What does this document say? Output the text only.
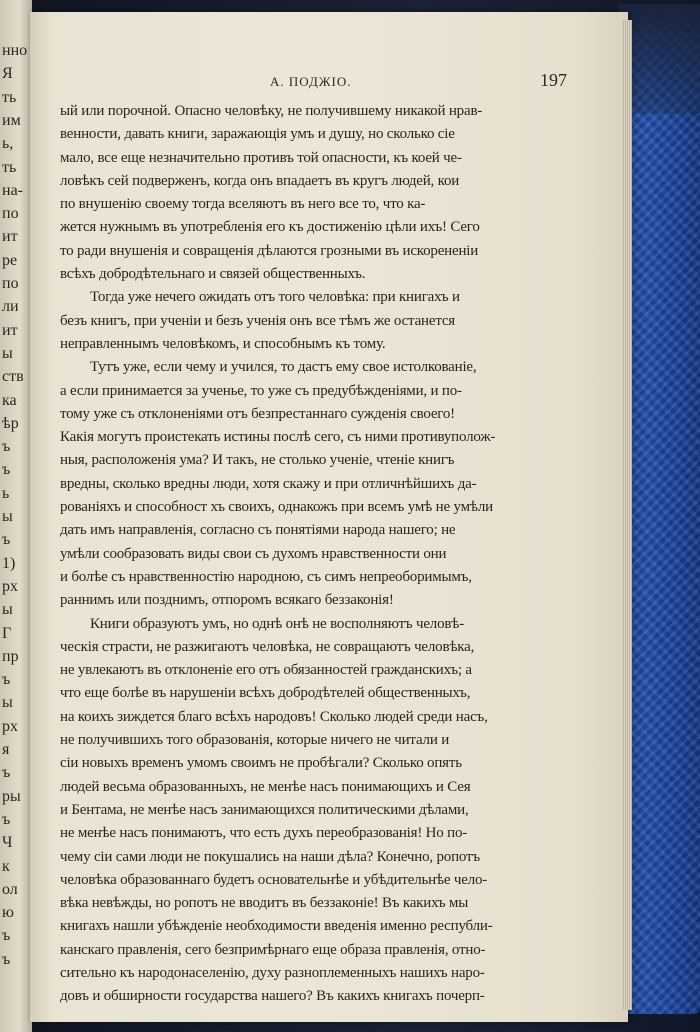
нно
Я
ть
им
ь,
ть
на-
по
ит
ре
по
ли
ит
ы
ств
ка
ѣр
ъ
ъ
ь
ы
ъ
1)
рх
ы
Г
пр
ъ
ы
рх
я
ъ
ры
ъ
Ч
к
ол
ю
ъ
ъ
А. ПОДЖІО.	197
ый или порочной. Опасно человѣку, не получившему никакой нрав-
венности, давать книги, заражающія умъ и душу, но сколько сіе
мало, все еще незначительно противъ той опасности, къ коей че-
ловѣкъ сей подверженъ, когда онъ впадаетъ въ кругъ людей, кои
по внушенію своему тогда вселяютъ въ него все то, что ка-
жется нужнымъ въ употребленія его къ достиженію цѣли ихъ! Сего
то ради внушенія и совращенія дѣлаются грозными въ искорененіи
всѣхъ добродѣтельнаго и связей общественныхъ.
Тогда уже нечего ожидать отъ того человѣка: при книгахъ и
безъ книгъ, при ученіи и безъ ученія онъ все тѣмъ же останется
неправленнымъ человѣкомъ, и способнымъ къ тому.
Тутъ уже, если чему и учился, то дастъ ему свое истолкованіе,
а если принимается за ученье, то уже съ предубѣжденіями, и по-
тому уже съ отклоненіями отъ безпрестаннаго сужденія своего!
Какія могутъ проистекать истины послѣ сего, съ ними противуполож-
ныя, расположенія ума? И такъ, не столько ученіе, чтеніе книгъ
вредны, сколько вредны люди, хотя скажу и при отличнѣйшихъ да-
рованіяхъ и способност хъ своихъ, однакожъ при всемъ умѣ не умѣли
дать имъ направленія, согласно съ понятіями народа нашего; не
умѣли сообразовать виды свои съ духомъ нравственности они
и болѣе съ нравственностію народною, съ симъ непреоборимымъ,
раннимъ или позднимъ, отпоромъ всякаго беззаконія!
Книги образуютъ умъ, но однѣ онѣ не восполняютъ человѣ-
ческія страсти, не разжигаютъ человѣка, не совращаютъ человѣка,
не увлекаютъ въ отклоненіе его отъ обязанностей гражданскихъ; а
что еще болѣе въ нарушеніи всѣхъ добродѣтелей общественныхъ,
на коихъ зиждется благо всѣхъ народовъ! Сколько людей среди насъ,
не получившихъ того образованія, которые ничего не читали и
сіи новыхъ временъ умомъ своимъ не пробѣгали? Сколько опять
людей весьма образованныхъ, не менѣе насъ понимающихъ и Сея
и Бентама, не менѣе насъ занимающихся политическими дѣлами,
не менѣе насъ понимаютъ, что есть духъ переобразованія! Но по-
чему сіи сами люди не покушались на наши дѣла? Конечно, ропотъ
человѣка образованнаго будетъ основательнѣе и убѣдительнѣе чело-
вѣка невѣжды, но ропотъ не вводитъ въ беззаконіе! Въ какихъ мы
книгахъ нашли убѣжденіе необходимости введенія именно республи-
канскаго правленія, сего безпримѣрнаго еще образа правленія, отно-
сительно къ народонаселенію, духу разноплеменныхъ нашихъ наро-
довъ и обширности государства нашего? Въ какихъ книгахъ почерп-
